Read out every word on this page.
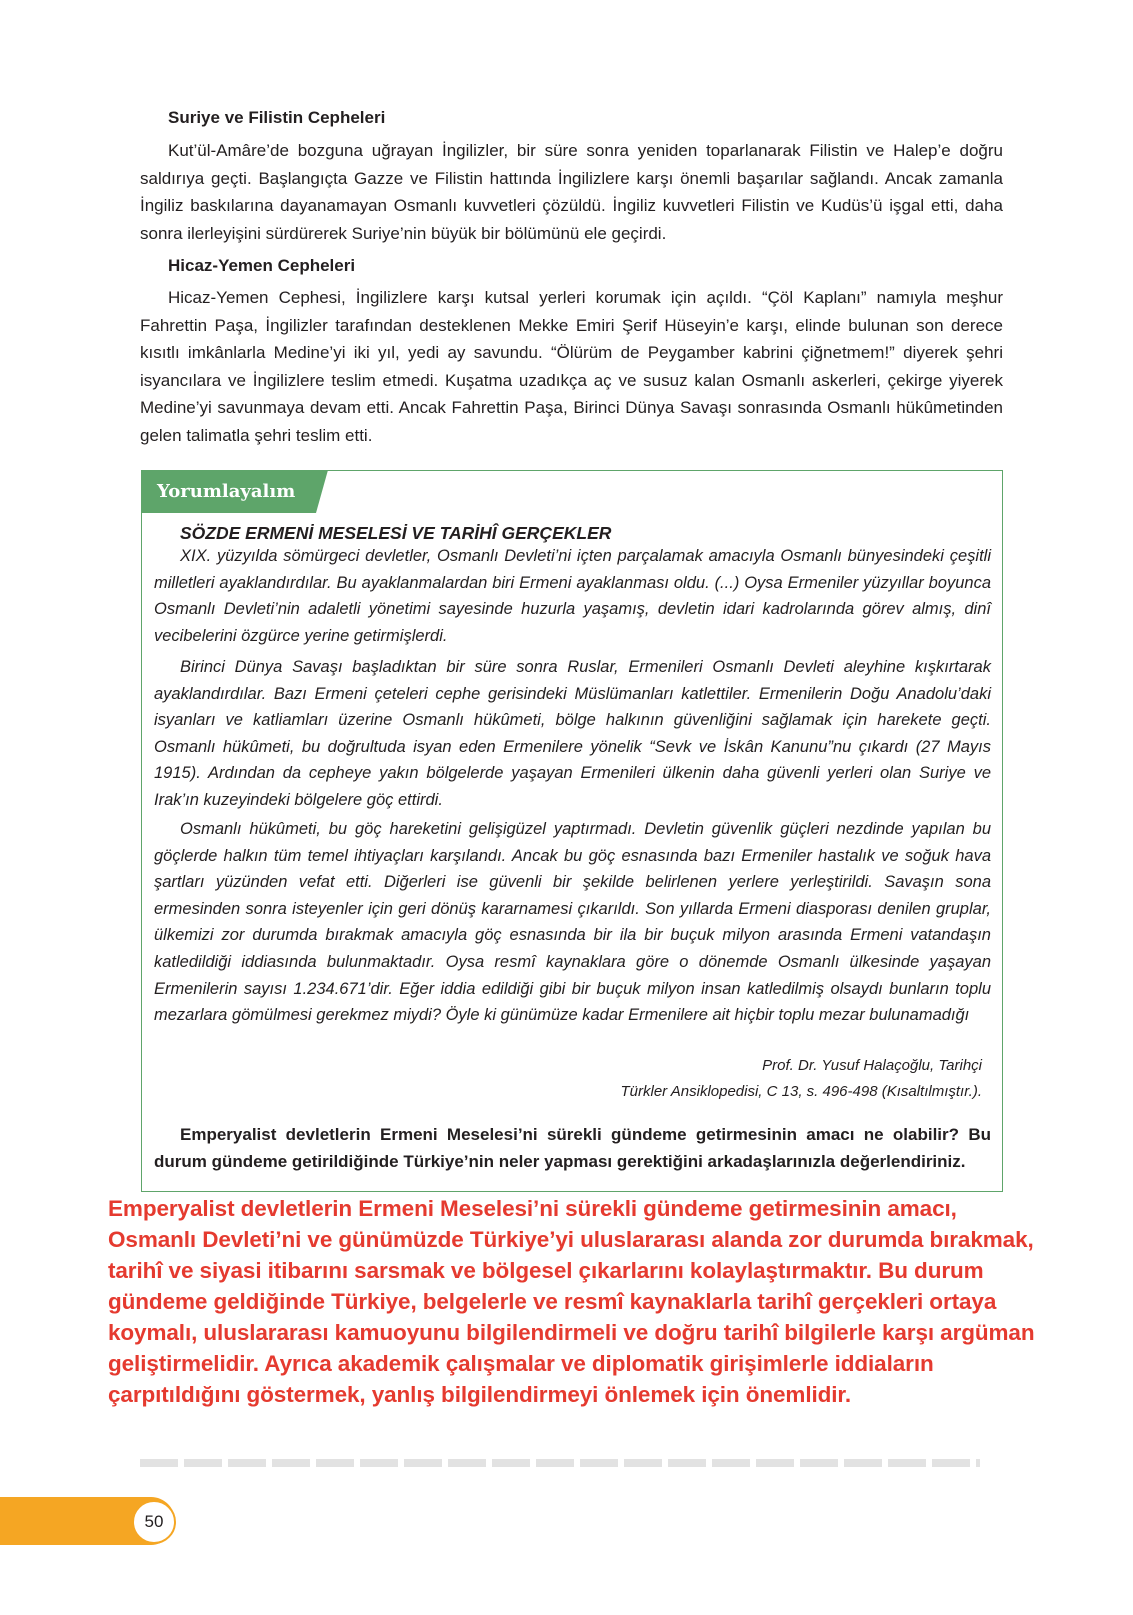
Suriye ve Filistin Cepheleri
Kut’ül-Amâre’de bozguna uğrayan İngilizler, bir süre sonra yeniden toparlanarak Filistin ve Halep’e doğru saldırıya geçti. Başlangıçta Gazze ve Filistin hattında İngilizlere karşı önemli başarılar sağlandı. Ancak zamanla İngiliz baskılarına dayanamayan Osmanlı kuvvetleri çözüldü. İngiliz kuvvetleri Filistin ve Kudüs’ü işgal etti, daha sonra ilerleyişini sürdürerek Suriye’nin büyük bir bölümünü ele geçirdi.
Hicaz-Yemen Cepheleri
Hicaz-Yemen Cephesi, İngilizlere karşı kutsal yerleri korumak için açıldı. “Çöl Kaplanı” namıyla meşhur Fahrettin Paşa, İngilizler tarafından desteklenen Mekke Emiri Şerif Hüseyin’e karşı, elinde bulunan son derece kısıtlı imkânlarla Medine’yi iki yıl, yedi ay savundu. “Ölürüm de Peygamber kabrini çiğnetmem!” diyerek şehri isyancılara ve İngilizlere teslim etmedi. Kuşatma uzadıkça aç ve susuz kalan Osmanlı askerleri, çekirge yiyerek Medine’yi savunmaya devam etti. Ancak Fahrettin Paşa, Birinci Dünya Savaşı sonrasında Osmanlı hükûmetinden gelen talimatla şehri teslim etti.
Yorumlayalım
SÖZDE ERMENİ MESELESİ VE TARİHÎ GERÇEKLER
XIX. yüzyılda sömürgeci devletler, Osmanlı Devleti’ni içten parçalamak amacıyla Osmanlı bünyesindeki çeşitli milletleri ayaklandırdılar. Bu ayaklanmalardan biri Ermeni ayaklanması oldu. (...) Oysa Ermeniler yüzyıllar boyunca Osmanlı Devleti’nin adaletli yönetimi sayesinde huzurla yaşamış, devletin idari kadrolarında görev almış, dinî vecibelerini özgürce yerine getirmişlerdi.
Birinci Dünya Savaşı başladıktan bir süre sonra Ruslar, Ermenileri Osmanlı Devleti aleyhine kışkırtarak ayaklandırdılar. Bazı Ermeni çeteleri cephe gerisindeki Müslümanları katlettiler. Ermenilerin Doğu Anadolu’daki isyanları ve katliamları üzerine Osmanlı hükûmeti, bölge halkının güvenliğini sağlamak için harekete geçti. Osmanlı hükûmeti, bu doğrultuda isyan eden Ermenilere yönelik “Sevk ve İskân Kanunu”nu çıkardı (27 Mayıs 1915). Ardından da cepheye yakın bölgelerde yaşayan Ermenileri ülkenin daha güvenli yerleri olan Suriye ve Irak’ın kuzeyindeki bölgelere göç ettirdi.
Osmanlı hükûmeti, bu göç hareketini gelişigüzel yaptırmadı. Devletin güvenlik güçleri nezdinde yapılan bu göçlerde halkın tüm temel ihtiyaçları karşılandı. Ancak bu göç esnasında bazı Ermeniler hastalık ve soğuk hava şartları yüzünden vefat etti. Diğerleri ise güvenli bir şekilde belirlenen yerlere yerleştirildi. Savaşın sona ermesinden sonra isteyenler için geri dönüş kararnamesi çıkarıldı. Son yıllarda Ermeni diasporası denilen gruplar, ülkemizi zor durumda bırakmak amacıyla göç esnasında bir ila bir buçuk milyon arasında Ermeni vatandaşın katledildiği iddiasında bulunmaktadır. Oysa resmî kaynaklara göre o dönemde Osmanlı ülkesinde yaşayan Ermenilerin sayısı 1.234.671’dir. Eğer iddia edildiği gibi bir buçuk milyon insan katledilmiş olsaydı bunların toplu mezarlara gömülmesi gerekmez miydi? Öyle ki günümüze kadar Ermenilere ait hiçbir toplu mezar bulunamadığı
Prof. Dr. Yusuf Halaçoğlu, Tarihçi
Türkler Ansiklopedisi, C 13, s. 496-498 (Kısaltılmıştır.).
Emperyalist devletlerin Ermeni Meselesi’ni sürekli gündeme getirmesinin amacı ne olabilir? Bu durum gündeme getirildiğinde Türkiye’nin neler yapması gerektiğini arkadaşlarınızla değerlendiriniz.
Emperyalist devletlerin Ermeni Meselesi’ni sürekli gündeme getirmesinin amacı, Osmanlı Devleti’ni ve günümüzde Türkiye’yi uluslararası alanda zor durumda bırakmak, tarihî ve siyasi itibarını sarsmak ve bölgesel çıkarlarını kolaylaştırmaktır. Bu durum gündeme geldiğinde Türkiye, belgelerle ve resmî kaynaklarla tarihî gerçekleri ortaya koymalı, uluslararası kamuoyunu bilgilendirmeli ve doğru tarihî bilgilerle karşı argüman geliştirmelidir. Ayrıca akademik çalışmalar ve diplomatik girişimlerle iddiaların çarpıtıldığını göstermek, yanlış bilgilendirmeyi önlemek için önemlidir.
50
